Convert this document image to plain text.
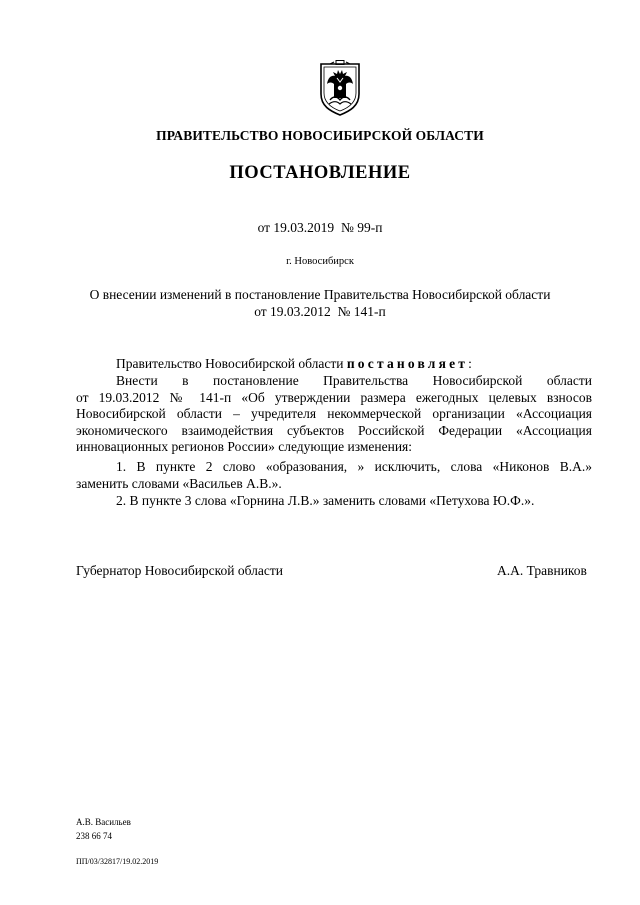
ПРАВИТЕЛЬСТВО НОВОСИБИРСКОЙ ОБЛАСТИ
ПОСТАНОВЛЕНИЕ
от 19.03.2019 № 99-п
г. Новосибирск
О внесении изменений в постановление Правительства Новосибирской области
от 19.03.2012  № 141-п
Правительство Новосибирской области постановляет:
Внести в постановление Правительства Новосибирской области
от 19.03.2012 № 141-п «Об утверждении размера ежегодных целевых взносов
Новосибирской области – учредителя некоммерческой организации «Ассоциация
экономического взаимодействия субъектов Российской Федерации «Ассоциация
инновационных регионов России» следующие изменения:
1. В пункте 2 слово «образования, » исключить, слова «Никонов В.А.»
заменить словами «Васильев А.В.».
2. В пункте 3 слова «Горнина Л.В.» заменить словами «Петухова Ю.Ф.».
Губернатор Новосибирской области	А.А. Травников
А.В. Васильев
238 66 74
ПП/03/32817/19.02.2019
